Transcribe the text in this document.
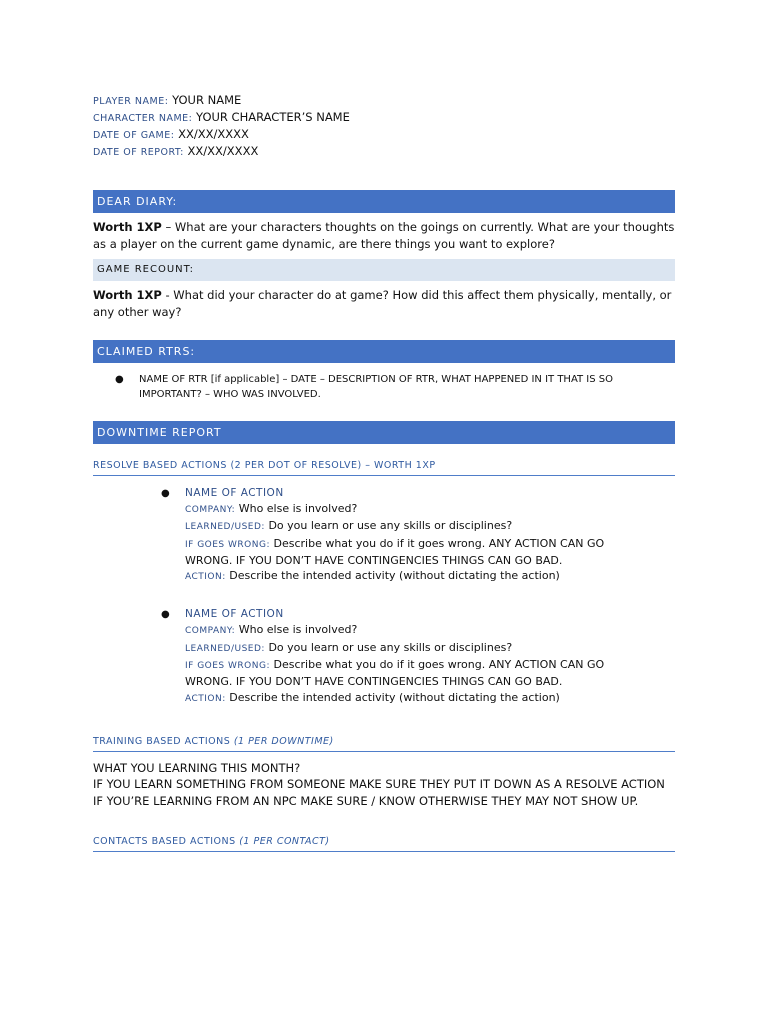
PLAYER NAME: YOUR NAME
CHARACTER NAME: YOUR CHARACTER’S NAME
DATE OF GAME: XX/XX/XXXX
DATE OF REPORT: XX/XX/XXXX
DEAR DIARY:
Worth 1XP – What are your characters thoughts on the goings on currently. What are your thoughts as a player on the current game dynamic, are there things you want to explore?
GAME RECOUNT:
Worth 1XP - What did your character do at game? How did this affect them physically, mentally, or any other way?
CLAIMED RTRS:
● NAME OF RTR [if applicable] – DATE – DESCRIPTION OF RTR, WHAT HAPPENED IN IT THAT IS SO IMPORTANT? – WHO WAS INVOLVED.
DOWNTIME REPORT
RESOLVE BASED ACTIONS (2 PER DOT OF RESOLVE) – WORTH 1XP
● NAME OF ACTION
COMPANY: Who else is involved?
LEARNED/USED: Do you learn or use any skills or disciplines?
IF GOES WRONG: Describe what you do if it goes wrong. ANY ACTION CAN GO
WRONG. IF YOU DON’T HAVE CONTINGENCIES THINGS CAN GO BAD.
ACTION: Describe the intended activity (without dictating the action)
● NAME OF ACTION
COMPANY: Who else is involved?
LEARNED/USED: Do you learn or use any skills or disciplines?
IF GOES WRONG: Describe what you do if it goes wrong. ANY ACTION CAN GO
WRONG. IF YOU DON’T HAVE CONTINGENCIES THINGS CAN GO BAD.
ACTION: Describe the intended activity (without dictating the action)
TRAINING BASED ACTIONS (1 PER DOWNTIME)
WHAT YOU LEARNING THIS MONTH?
IF YOU LEARN SOMETHING FROM SOMEONE MAKE SURE THEY PUT IT DOWN AS A RESOLVE ACTION
IF YOU’RE LEARNING FROM AN NPC MAKE SURE / KNOW OTHERWISE THEY MAY NOT SHOW UP.
CONTACTS BASED ACTIONS (1 PER CONTACT)
